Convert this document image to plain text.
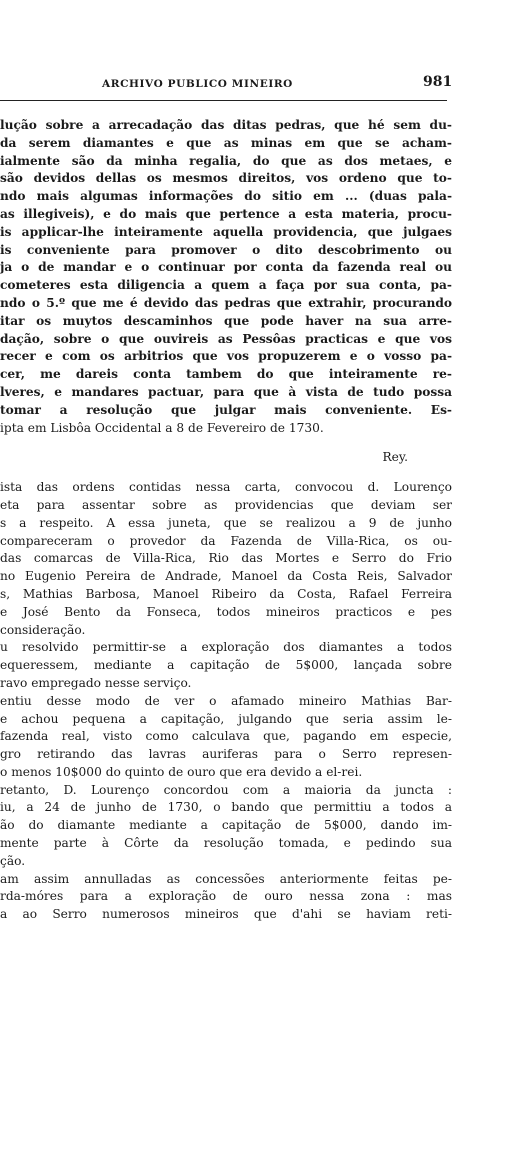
ARCHIVO PUBLICO MINEIRO	981
lução sobre a arrecadação das ditas pedras, que hé sem du-
da serem diamantes e que as minas em que se acham-
ialmente são da minha regalia, do que as dos metaes, e
são devidos dellas os mesmos direitos, vos ordeno que to-
ndo mais algumas informações do sitio em ... (duas pala-
as illegiveis), e do mais que pertence a esta materia, procu-
is applicar-lhe inteiramente aquella providencia, que julgaes
is conveniente para promover o dito descobrimento ou
ja o de mandar e o continuar por conta da fazenda real ou
cometeres esta diligencia a quem a faça por sua conta, pa-
ndo o 5.º que me é devido das pedras que extrahir, procurando
itar os muytos descaminhos que pode haver na sua arre-
dação, sobre o que ouvireis as Pessôas practicas e que vos
recer e com os arbitrios que vos propuzerem e o vosso pa-
cer, me dareis conta tambem do que inteiramente re-
lveres, e mandares pactuar, para que à vista de tudo possa
tomar a resolução que julgar mais conveniente. Es-
ipta em Lisbôa Occidental a 8 de Fevereiro de 1730.
Rey.
ista das ordens contidas nessa carta, convocou d. Lourenço
eta para assentar sobre as providencias que deviam ser
s a respeito. A essa juneta, que se realizou a 9 de junho
compareceram o provedor da Fazenda de Villa-Rica, os ou-
das comarcas de Villa-Rica, Rio das Mortes e Serro do Frio
no Eugenio Pereira de Andrade, Manoel da Costa Reis, Salvador
s, Mathias Barbosa, Manoel Ribeiro da Costa, Rafael Ferreira
e José Bento da Fonseca, todos mineiros practicos e pes
consideração.
u resolvido permittir-se a exploração dos diamantes a todos
equeressem, mediante a capitação de 5$000, lançada sobre
ravo empregado nesse serviço.
entiu desse modo de ver o afamado mineiro Mathias Bar-
e achou pequena a capitação, julgando que seria assim le-
fazenda real, visto como calculava que, pagando em especie,
gro retirando das lavras auriferas para o Serro represen-
o menos 10$000 do quinto de ouro que era devido a el-rei.
retanto, D. Lourenço concordou com a maioria da juncta :
iu, a 24 de junho de 1730, o bando que permittiu a todos a
ão do diamante mediante a capitação de 5$000, dando im-
mente parte à Côrte da resolução tomada, e pedindo sua
ção.
am assim annulladas as concessões anteriormente feitas pe-
rda-móres para a exploração de ouro nessa zona : mas
a ao Serro numerosos mineiros que d'ahi se haviam reti-
